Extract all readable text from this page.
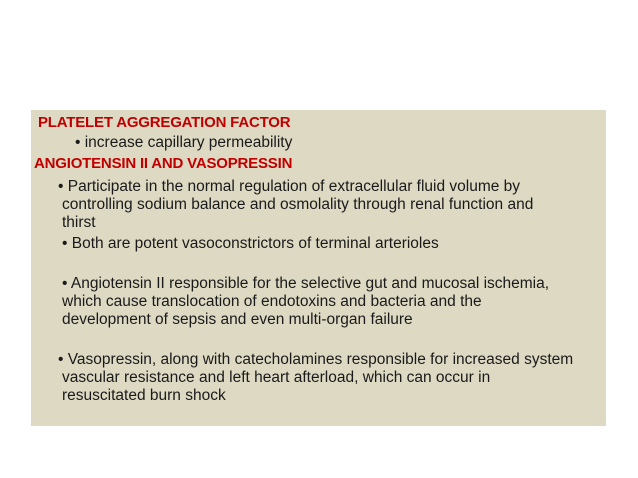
PLATELET AGGREGATION FACTOR
• increase capillary permeability
ANGIOTENSIN II AND VASOPRESSIN
• Participate in the normal regulation of extracellular fluid volume by
controlling sodium balance and osmolality through renal function and
thirst
• Both are potent vasoconstrictors of terminal arterioles
• Angiotensin II responsible for the selective gut and mucosal ischemia,
which cause translocation of endotoxins and bacteria and the
development of sepsis and even multi-organ failure
• Vasopressin, along with catecholamines responsible for increased system
vascular resistance and left heart afterload, which can occur in
resuscitated burn shock
